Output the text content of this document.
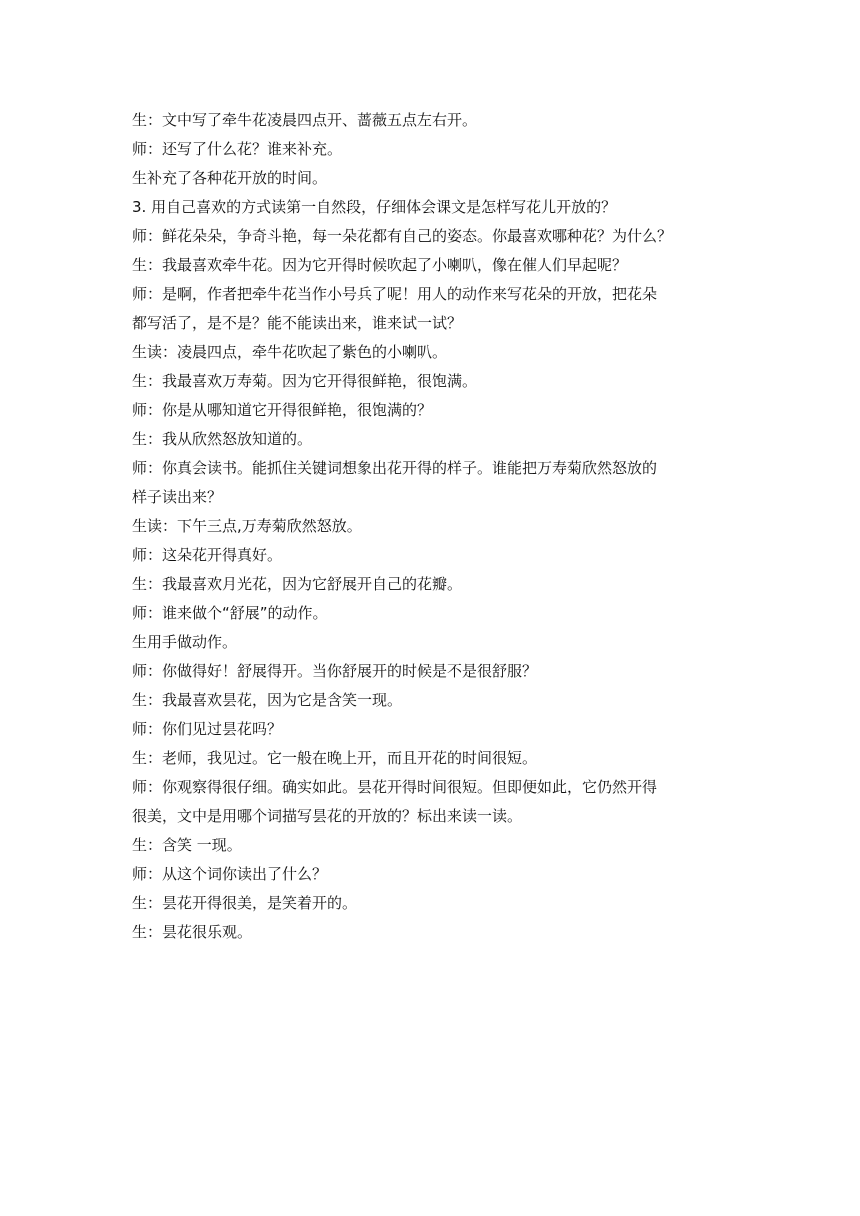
生：文中写了牵牛花凌晨四点开、蔷薇五点左右开。
师：还写了什么花？谁来补充。
生补充了各种花开放的时间。
3. 用自己喜欢的方式读第一自然段，仔细体会课文是怎样写花儿开放的？
师：鲜花朵朵，争奇斗艳，每一朵花都有自己的姿态。你最喜欢哪种花？为什么？
生：我最喜欢牵牛花。因为它开得时候吹起了小喇叭，像在催人们早起呢？
师：是啊，作者把牵牛花当作小号兵了呢！用人的动作来写花朵的开放，把花朵
都写活了，是不是？能不能读出来，谁来试一试？
生读：凌晨四点，牵牛花吹起了紫色的小喇叭。
生：我最喜欢万寿菊。因为它开得很鲜艳，很饱满。
师：你是从哪知道它开得很鲜艳，很饱满的？
生：我从欣然怒放知道的。
师：你真会读书。能抓住关键词想象出花开得的样子。谁能把万寿菊欣然怒放的
样子读出来？
生读：下午三点,万寿菊欣然怒放。
师：这朵花开得真好。
生：我最喜欢月光花，因为它舒展开自己的花瓣。
师：谁来做个“舒展”的动作。
生用手做动作。
师：你做得好！舒展得开。当你舒展开的时候是不是很舒服？
生：我最喜欢昙花，因为它是含笑一现。
师：你们见过昙花吗？
生：老师，我见过。它一般在晚上开，而且开花的时间很短。
师：你观察得很仔细。确实如此。昙花开得时间很短。但即便如此，它仍然开得
很美，文中是用哪个词描写昙花的开放的？标出来读一读。
生：含笑 一现。
师：从这个词你读出了什么？
生：昙花开得很美，是笑着开的。
生：昙花很乐观。
